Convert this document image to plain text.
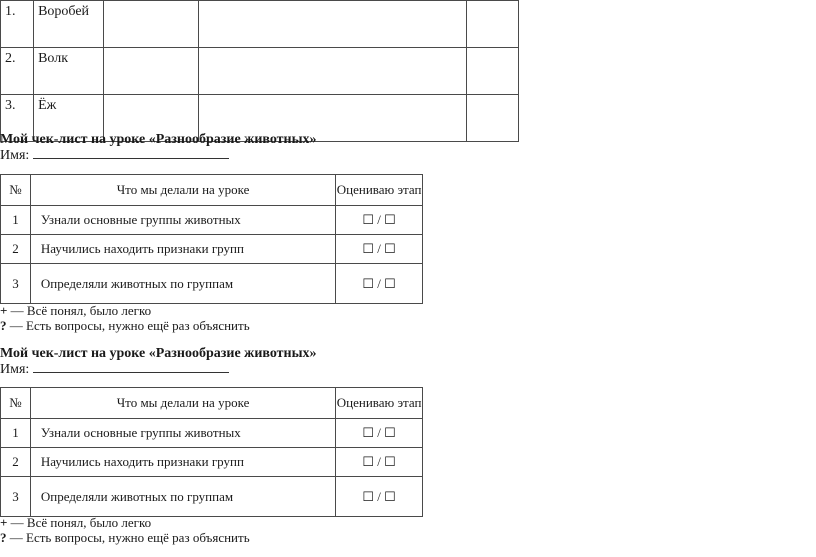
1.	Воробей			
2.	Волк			
3.	Ёж			
Мой чек-лист на уроке «Разнообразие животных»
Имя:
№	Что мы делали на уроке	Оцениваю этап
1	Узнали основные группы животных	☐ / ☐
2	Научились находить признаки групп	☐ / ☐
3	Определяли животных по группам	☐ / ☐
+ — Всё понял, было легко
? — Есть вопросы, нужно ещё раз объяснить
Мой чек-лист на уроке «Разнообразие животных»
Имя:
№	Что мы делали на уроке	Оцениваю этап
1	Узнали основные группы животных	☐ / ☐
2	Научились находить признаки групп	☐ / ☐
3	Определяли животных по группам	☐ / ☐
+ — Всё понял, было легко
? — Есть вопросы, нужно ещё раз объяснить
